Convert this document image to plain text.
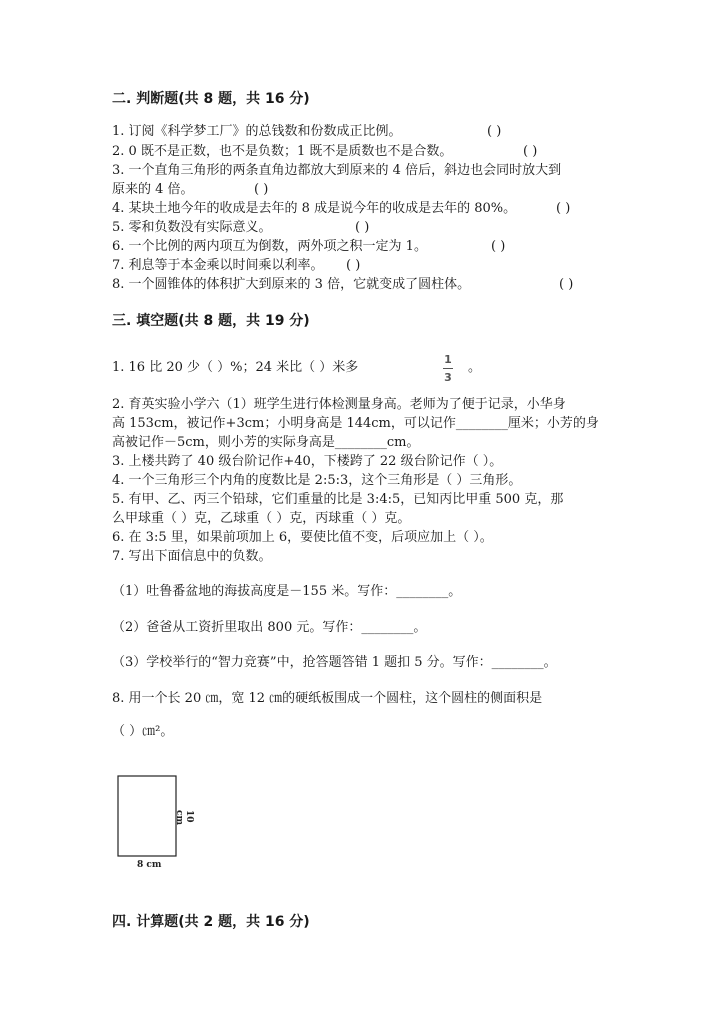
二. 判断题(共 8 题，共 16 分)
1. 订阅《科学梦工厂》的总钱数和份数成正比例。	( )
2. 0 既不是正数，也不是负数；1 既不是质数也不是合数。	( )
3. 一个直角三角形的两条直角边都放大到原来的 4 倍后，斜边也会同时放大到
原来的 4 倍。	( )
4. 某块土地今年的收成是去年的 8 成是说今年的收成是去年的 80%。	( )
5. 零和负数没有实际意义。	( )
6. 一个比例的两内项互为倒数，两外项之积一定为 1。	( )
7. 利息等于本金乘以时间乘以利率。 ( )
8. 一个圆锥体的体积扩大到原来的 3 倍，它就变成了圆柱体。	( )
三. 填空题(共 8 题，共 19 分)
1. 16 比 20 少（ ）%；24 米比（ ）米多
1
3
。
2. 育英实验小学六（1）班学生进行体检测量身高。老师为了便于记录，小华身
高 153cm，被记作+3cm；小明身高是 144cm，可以记作________厘米；小芳的身
高被记作－5cm，则小芳的实际身高是________cm。
3. 上楼共跨了 40 级台阶记作+40，下楼跨了 22 级台阶记作（ ）。
4. 一个三角形三个内角的度数比是 2:5:3，这个三角形是（ ）三角形。
5. 有甲、乙、丙三个铅球，它们重量的比是 3:4:5，已知丙比甲重 500 克，那
么甲球重（ ）克，乙球重（ ）克，丙球重（ ）克。
6. 在 3:5 里，如果前项加上 6，要使比值不变，后项应加上（ ）。
7. 写出下面信息中的负数。
（1）吐鲁番盆地的海拔高度是－155 米。写作：________。
（2）爸爸从工资折里取出 800 元。写作：________。
（3）学校举行的“智力竞赛”中，抢答题答错 1 题扣 5 分。写作：________。
8. 用一个长 20 ㎝，宽 12 ㎝的硬纸板围成一个圆柱，这个圆柱的侧面积是
（ ）㎝²。
10 cm
8 cm
四. 计算题(共 2 题，共 16 分)
